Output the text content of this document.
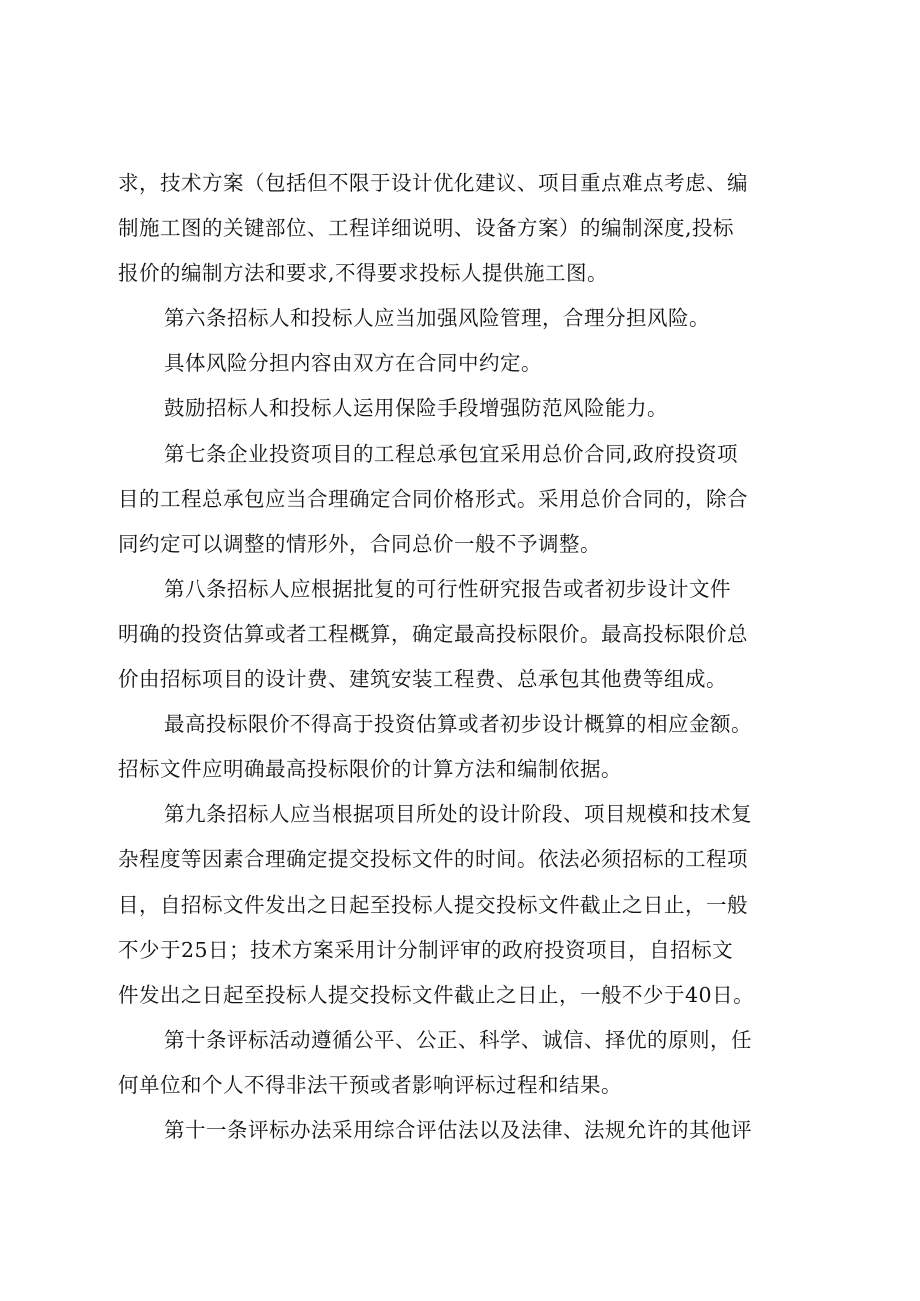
求，技术方案（包括但不限于设计优化建议、项目重点难点考虑、编
制施工图的关键部位、工程详细说明、设备方案）的编制深度,投标
报价的编制方法和要求,不得要求投标人提供施工图。
第六条招标人和投标人应当加强风险管理，合理分担风险。
具体风险分担内容由双方在合同中约定。
鼓励招标人和投标人运用保险手段增强防范风险能力。
第七条企业投资项目的工程总承包宜采用总价合同,政府投资项
目的工程总承包应当合理确定合同价格形式。采用总价合同的，除合
同约定可以调整的情形外，合同总价一般不予调整。
第八条招标人应根据批复的可行性研究报告或者初步设计文件
明确的投资估算或者工程概算，确定最高投标限价。最高投标限价总
价由招标项目的设计费、建筑安装工程费、总承包其他费等组成。
最高投标限价不得高于投资估算或者初步设计概算的相应金额。
招标文件应明确最高投标限价的计算方法和编制依据。
第九条招标人应当根据项目所处的设计阶段、项目规模和技术复
杂程度等因素合理确定提交投标文件的时间。依法必须招标的工程项
目，自招标文件发出之日起至投标人提交投标文件截止之日止，一般
不少于25日；技术方案采用计分制评审的政府投资项目，自招标文
件发出之日起至投标人提交投标文件截止之日止，一般不少于40日。
第十条评标活动遵循公平、公正、科学、诚信、择优的原则，任
何单位和个人不得非法干预或者影响评标过程和结果。
第十一条评标办法采用综合评估法以及法律、法规允许的其他评
